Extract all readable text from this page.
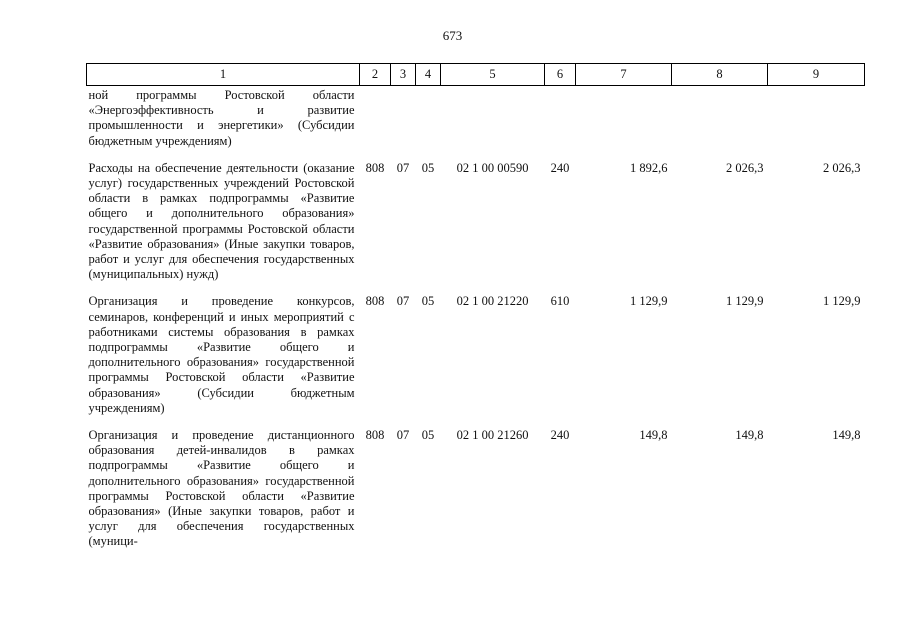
673
1	2	3	4	5	6	7	8	9
ной программы Ростовской области «Энергоэффективность и развитие промышленности и энергетики» (Субсидии бюджетным учреждениям)								
Расходы на обеспечение деятельности (оказание услуг) государственных учреждений Ростовской области в рамках подпрограммы «Развитие общего и дополнительного образования» государственной программы Ростовской области «Развитие образования» (Иные закупки товаров, работ и услуг для обеспечения государственных (муниципальных) нужд)	808	07	05	02 1 00 00590	240	1 892,6	2 026,3	2 026,3
Организация и проведение конкурсов, семинаров, конференций и иных мероприятий с работниками системы образования в рамках подпрограммы «Развитие общего и дополнительного образования» государственной программы Ростовской области «Развитие образования» (Субсидии бюджетным учреждениям)	808	07	05	02 1 00 21220	610	1 129,9	1 129,9	1 129,9
Организация и проведение дистанционного образования детей-инвалидов в рамках подпрограммы «Развитие общего и дополнительного образования» государственной программы Ростовской области «Развитие образования» (Иные закупки товаров, работ и услуг для обеспечения государственных (муници-	808	07	05	02 1 00 21260	240	149,8	149,8	149,8
